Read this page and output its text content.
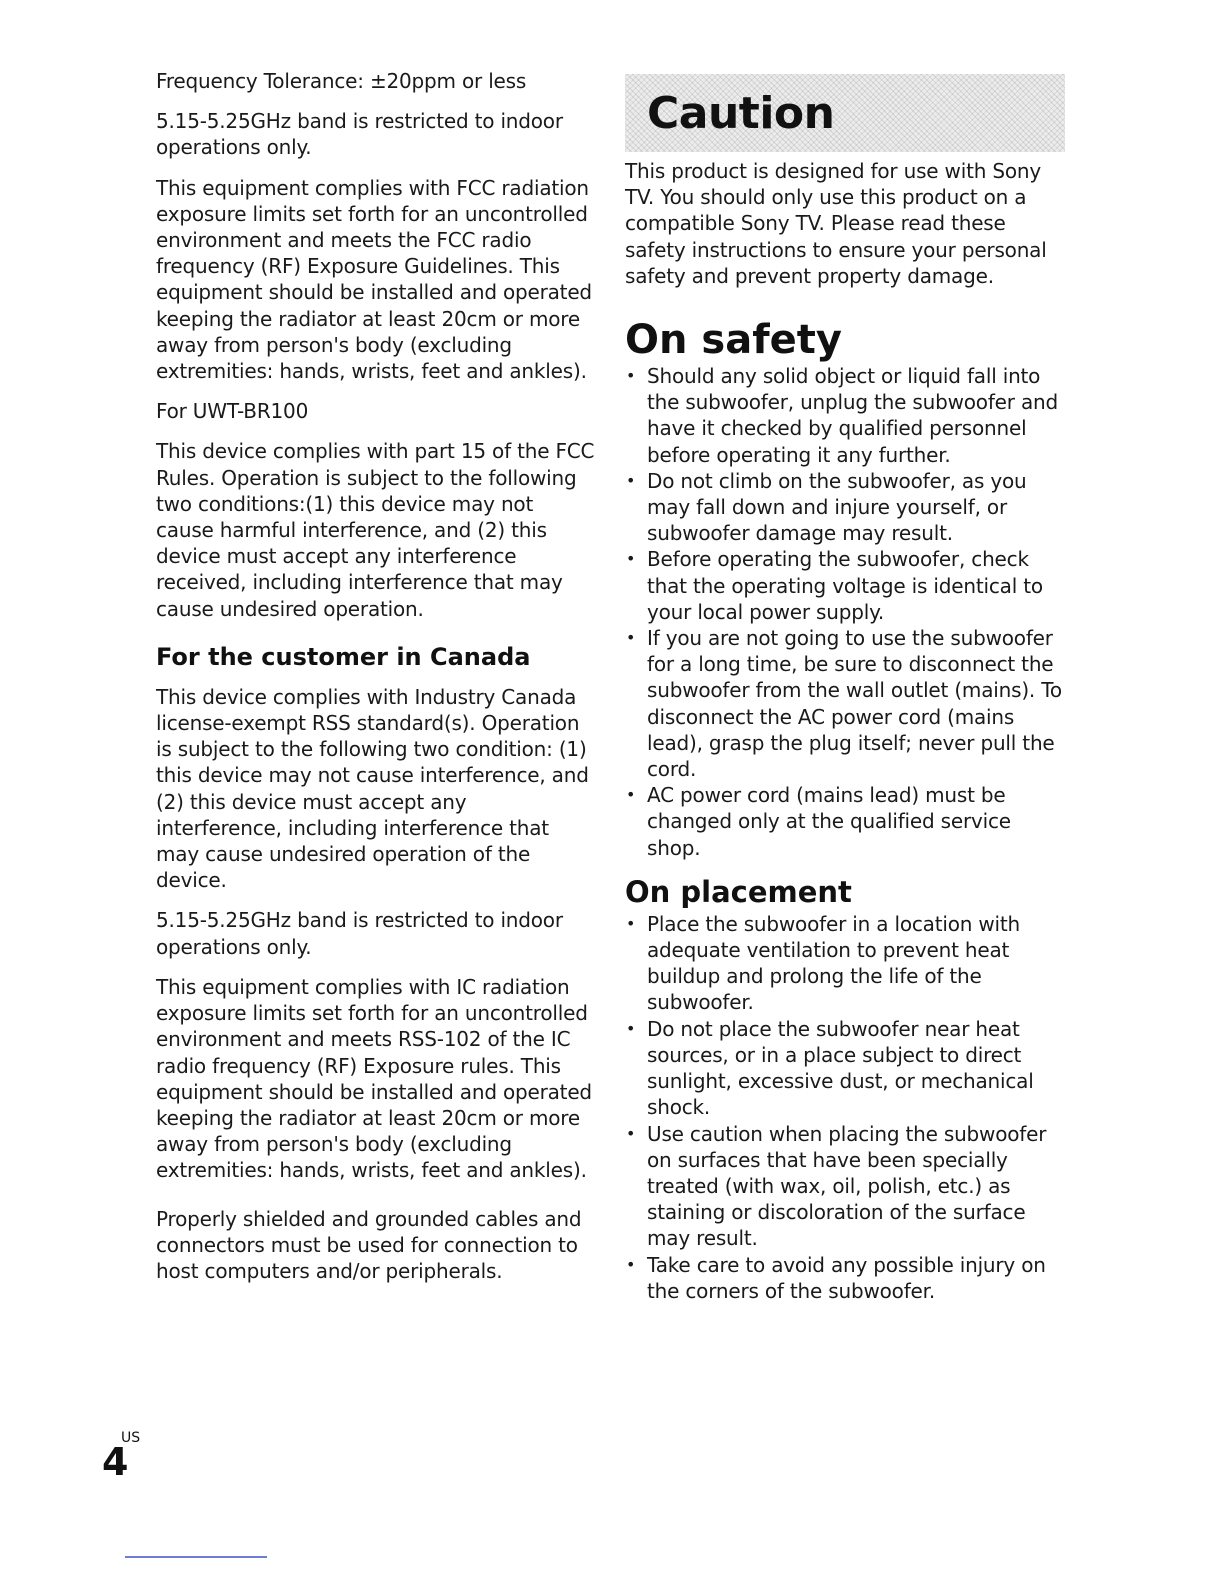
Frequency Tolerance: ±20ppm or less

5.15-5.25GHz band is restricted to indoor operations only.

This equipment complies with FCC radiation exposure limits set forth for an uncontrolled environment and meets the FCC radio frequency (RF) Exposure Guidelines. This equipment should be installed and operated keeping the radiator at least 20cm or more away from person's body (excluding extremities: hands, wrists, feet and ankles).

For UWT-BR100

This device complies with part 15 of the FCC Rules. Operation is subject to the following two conditions:(1) this device may not cause harmful interference, and (2) this device must accept any interference received, including interference that may cause undesired operation.

For the customer in Canada

This device complies with Industry Canada license-exempt RSS standard(s). Operation is subject to the following two condition: (1) this device may not cause interference, and (2) this device must accept any interference, including interference that may cause undesired operation of the device.

5.15-5.25GHz band is restricted to indoor operations only.

This equipment complies with IC radiation exposure limits set forth for an uncontrolled environment and meets RSS-102 of the IC radio frequency (RF) Exposure rules. This equipment should be installed and operated keeping the radiator at least 20cm or more away from person's body (excluding extremities: hands, wrists, feet and ankles).

Properly shielded and grounded cables and connectors must be used for connection to host computers and/or peripherals.

Caution

This product is designed for use with Sony TV. You should only use this product on a compatible Sony TV. Please read these safety instructions to ensure your personal safety and prevent property damage.

On safety
• Should any solid object or liquid fall into the subwoofer, unplug the subwoofer and have it checked by qualified personnel before operating it any further.
• Do not climb on the subwoofer, as you may fall down and injure yourself, or subwoofer damage may result.
• Before operating the subwoofer, check that the operating voltage is identical to your local power supply.
• If you are not going to use the subwoofer for a long time, be sure to disconnect the subwoofer from the wall outlet (mains). To disconnect the AC power cord (mains lead), grasp the plug itself; never pull the cord.
• AC power cord (mains lead) must be changed only at the qualified service shop.
On placement
• Place the subwoofer in a location with adequate ventilation to prevent heat buildup and prolong the life of the subwoofer.
• Do not place the subwoofer near heat sources, or in a place subject to direct sunlight, excessive dust, or mechanical shock.
• Use caution when placing the subwoofer on surfaces that have been specially treated (with wax, oil, polish, etc.) as staining or discoloration of the surface may result.
• Take care to avoid any possible injury on the corners of the subwoofer.
US
4
